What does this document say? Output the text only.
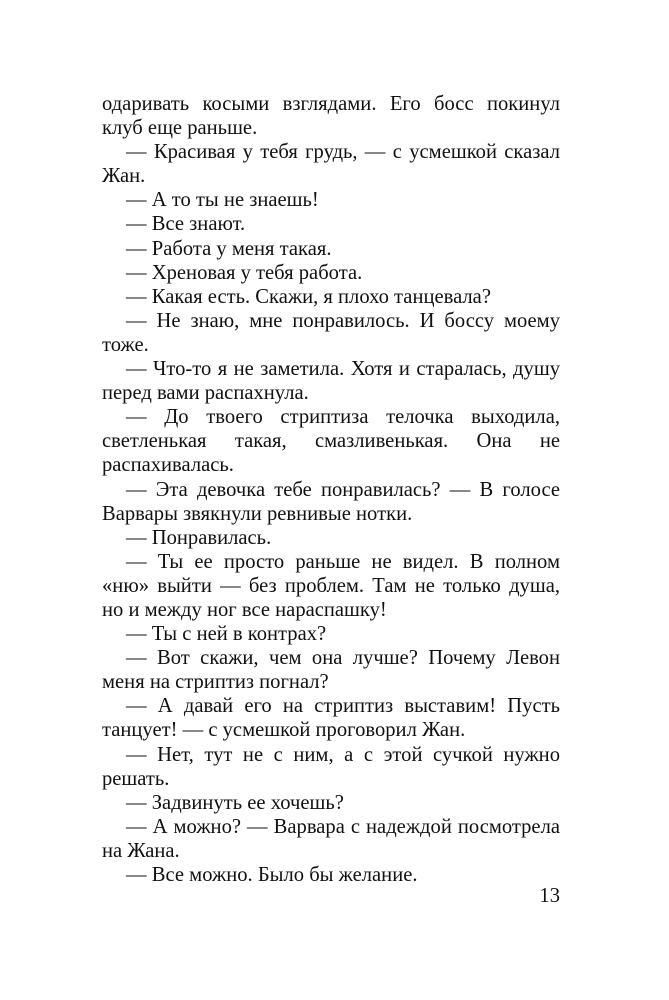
одаривать косыми взглядами. Его босс покинул клуб еще раньше.

— Красивая у тебя грудь, — с усмешкой сказал Жан.

— А то ты не знаешь!

— Все знают.

— Работа у меня такая.

— Хреновая у тебя работа.

— Какая есть. Скажи, я плохо танцевала?

— Не знаю, мне понравилось. И боссу моему тоже.

— Что-то я не заметила. Хотя и старалась, душу перед вами распахнула.

— До твоего стриптиза телочка выходила, светленькая такая, смазливенькая. Она не распахивалась.

— Эта девочка тебе понравилась? — В голосе Варвары звякнули ревнивые нотки.

— Понравилась.

— Ты ее просто раньше не видел. В полном «ню» выйти — без проблем. Там не только душа, но и между ног все нараспашку!

— Ты с ней в контрах?

— Вот скажи, чем она лучше? Почему Левон меня на стриптиз погнал?

— А давай его на стриптиз выставим! Пусть танцует! — с усмешкой проговорил Жан.

— Нет, тут не с ним, а с этой сучкой нужно решать.

— Задвинуть ее хочешь?

— А можно? — Варвара с надеждой посмотрела на Жана.

— Все можно. Было бы желание.

13
